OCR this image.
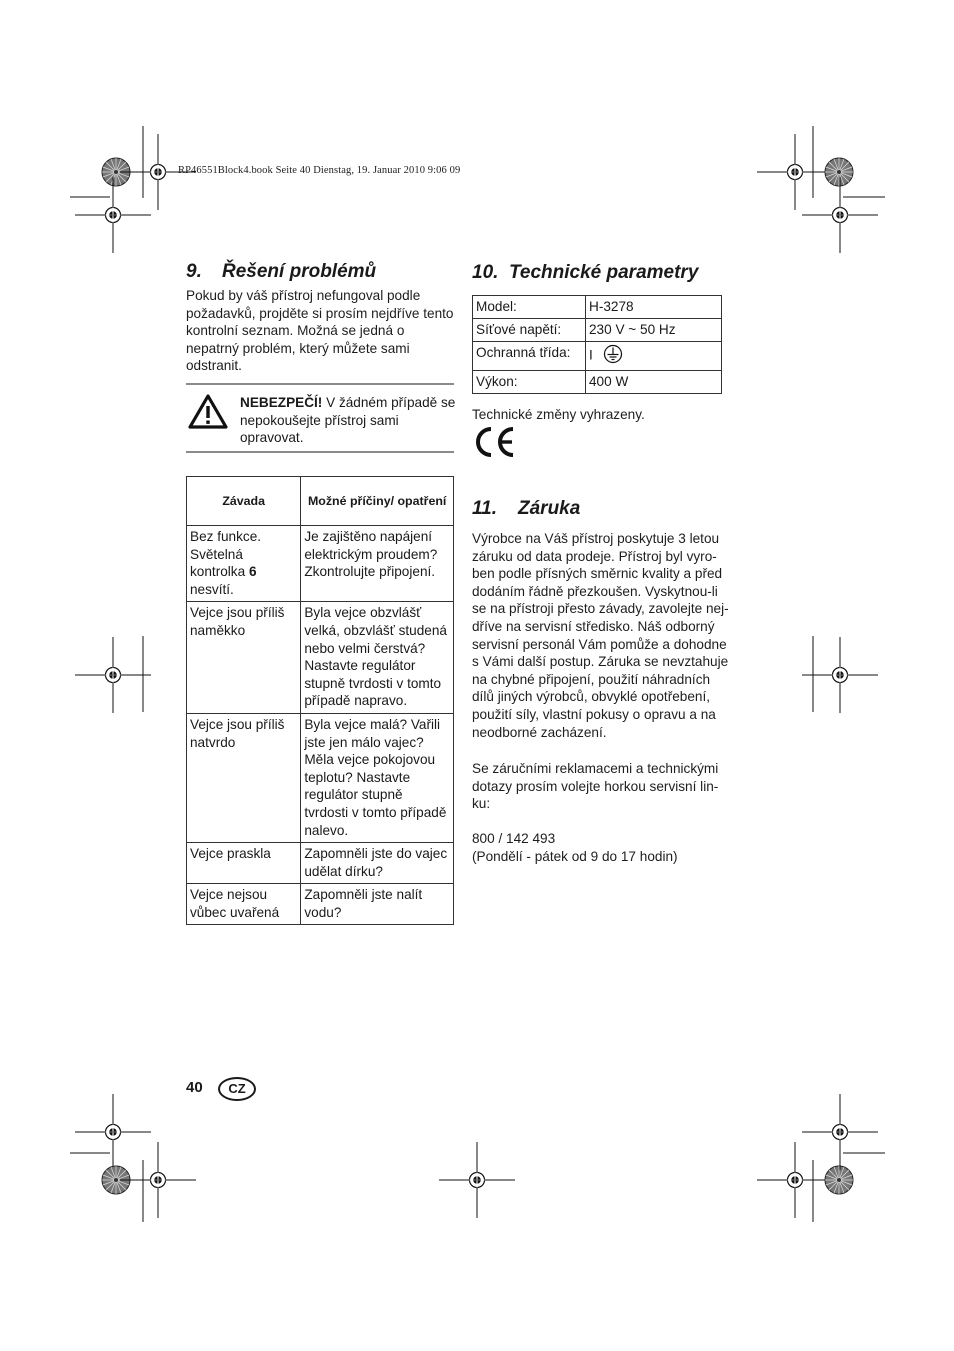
RP46551Block4.book Seite 40 Dienstag, 19. Januar 2010 9:06 09
9. Řešení problémů
Pokud by váš přístroj nefungoval podle požadavků, projděte si prosím nejdříve tento kontrolní seznam. Možná se jedná o nepatrný problém, který můžete sami odstranit.
NEBEZPEČÍ! V žádném případě se nepokoušejte přístroj sami opravovat.
Závada	Možné příčiny/ opatření
Bez funkce. Světelná kontrolka 6 nesvítí.	Je zajištěno napájení elektrickým proudem? Zkontrolujte připojení.
Vejce jsou příliš naměkko	Byla vejce obzvlášť velká, obzvlášť studená nebo velmi čerstvá? Nastavte regulátor stupně tvrdosti v tomto případě napravo.
Vejce jsou příliš natvrdo	Byla vejce malá? Vařili jste jen málo vajec? Měla vejce pokojovou teplotu? Nastavte regulátor stupně tvrdosti v tomto případě nalevo.
Vejce praskla	Zapomněli jste do vajec udělat dírku?
Vejce nejsou vůbec uvařená	Zapomněli jste nalít vodu?
10. Technické parametry
Model:	H-3278
Síťové napětí:	230 V ~ 50 Hz
Ochranná třída:	I
Výkon:	400 W
Technické změny vyhrazeny.
11. Záruka
Výrobce na Váš přístroj poskytuje 3 letou
záruku od data prodeje. Přístroj byl vyro-
ben podle přísných směrnic kvality a před
dodáním řádně přezkoušen. Vyskytnou-li
se na přístroji přesto závady, zavolejte nej-
dříve na servisní středisko. Náš odborný
servisní personál Vám pomůže a dohodne
s Vámi další postup. Záruka se nevztahuje
na chybné připojení, použití náhradních
dílů jiných výrobců, obvyklé opotřebení,
použití síly, vlastní pokusy o opravu a na
neodborné zacházení.
Se záručními reklamacemi a technickými
dotazy prosím volejte horkou servisní lin-
ku:
800 / 142 493
(Pondělí - pátek od 9 do 17 hodin)
40	CZ
